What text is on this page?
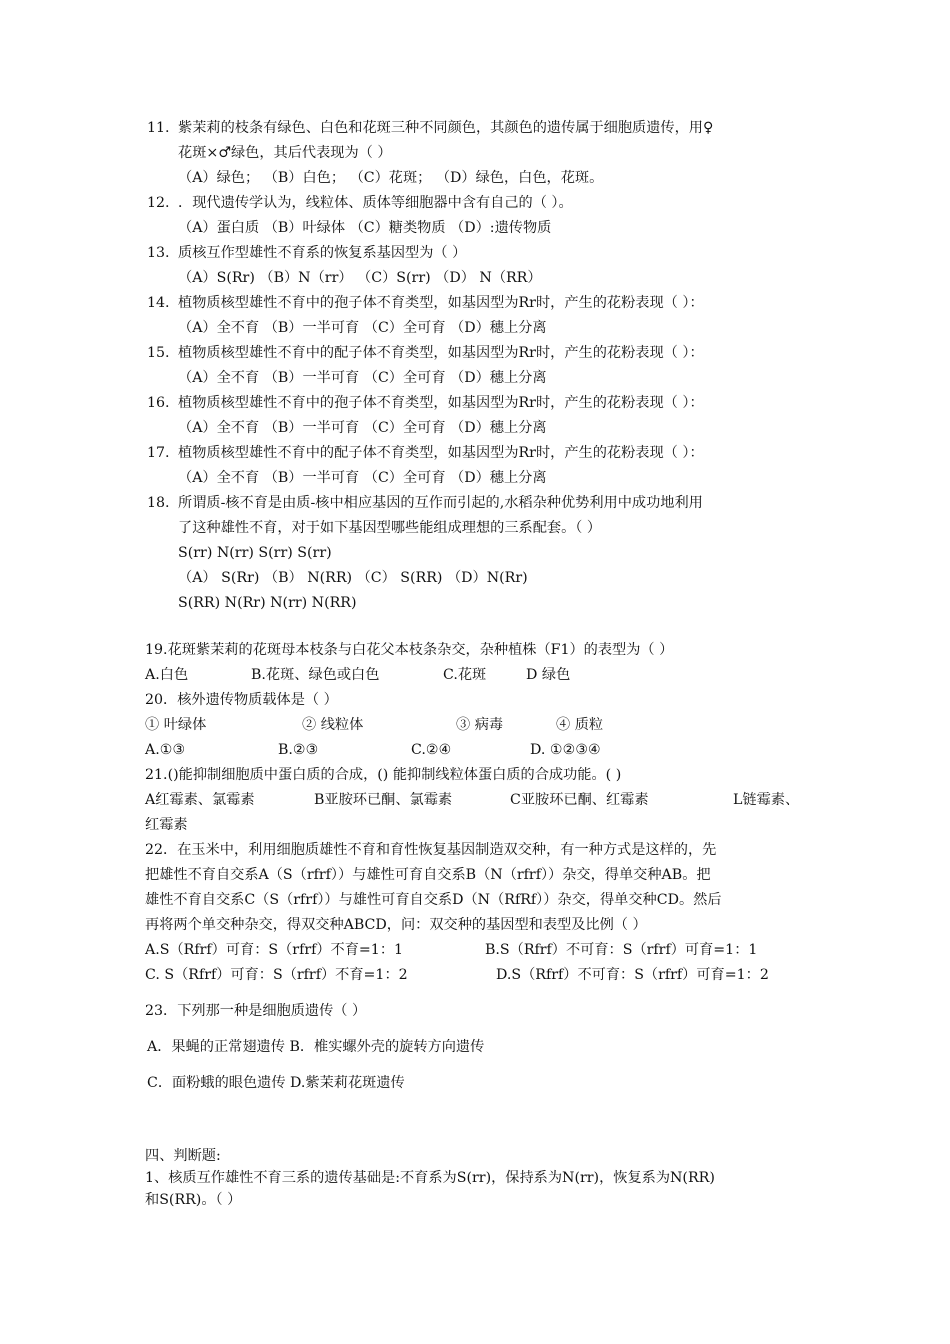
11. 紫茉莉的枝条有绿色、白色和花斑三种不同颜色，其颜色的遗传属于细胞质遗传，用♀
花斑×♂绿色，其后代表现为（ ）
（A）绿色； （B）白色； （C）花斑； （D）绿色，白色，花斑。
12. ．现代遗传学认为，线粒体、质体等细胞器中含有自己的（ ）。
（A）蛋白质 （B）叶绿体 （C）糖类物质 （D）:遗传物质
13. 质核互作型雄性不育系的恢复系基因型为（ ）
（A）S(Rr) （B）N（rr） （C）S(rr) （D） N（RR）
14. 植物质核型雄性不育中的孢子体不育类型，如基因型为Rr时，产生的花粉表现（ ）：
（A）全不育 （B）一半可育 （C）全可育 （D）穗上分离
15. 植物质核型雄性不育中的配子体不育类型，如基因型为Rr时，产生的花粉表现（ ）：
（A）全不育 （B）一半可育 （C）全可育 （D）穗上分离
16. 植物质核型雄性不育中的孢子体不育类型，如基因型为Rr时，产生的花粉表现（ ）：
（A）全不育 （B）一半可育 （C）全可育 （D）穗上分离
17. 植物质核型雄性不育中的配子体不育类型，如基因型为Rr时，产生的花粉表现（ ）：
（A）全不育 （B）一半可育 （C）全可育 （D）穗上分离
18. 所谓质-核不育是由质-核中相应基因的互作而引起的,水稻杂种优势利用中成功地利用
了这种雄性不育，对于如下基因型哪些能组成理想的三系配套。（ ）
S(rr) N(rr) S(rr) S(rr)
（A） S(Rr) （B） N(RR) （C） S(RR) （D）N(Rr)
S(RR) N(Rr) N(rr) N(RR)
19.花斑紫茉莉的花斑母本枝条与白花父本枝条杂交，杂种植株（F1）的表型为（ ）
A.白色	B.花斑、绿色或白色	C.花斑	D 绿色
20．核外遗传物质载体是（ ）
① 叶绿体	② 线粒体	③ 病毒	④ 质粒
A.①③	B.②③	C.②④	D. ①②③④
21.()能抑制细胞质中蛋白质的合成，() 能抑制线粒体蛋白质的合成功能。( )
A红霉素、氯霉素	B亚胺环已酮、氯霉素	C亚胺环已酮、红霉素	L链霉素、
红霉素
22．在玉米中，利用细胞质雄性不育和育性恢复基因制造双交种，有一种方式是这样的，先
把雄性不育自交系A（S（rfrf））与雄性可育自交系B（N（rfrf））杂交，得单交种AB。把
雄性不育自交系C（S（rfrf））与雄性可育自交系D（N（RfRf））杂交，得单交种CD。然后
再将两个单交种杂交，得双交种ABCD，问：双交种的基因型和表型及比例（ ）
A.S（Rfrf）可育：S（rfrf）不育=1：1	B.S（Rfrf）不可育：S（rfrf）可育=1：1
C. S（Rfrf）可育：S（rfrf）不育=1：2	D.S（Rfrf）不可育：S（rfrf）可育=1：2
23．下列那一种是细胞质遗传（ ）
A．果蝇的正常翅遗传 B．椎实螺外壳的旋转方向遗传
C．面粉蛾的眼色遗传 D.紫茉莉花斑遗传
四、判断题:
1、核质互作雄性不育三系的遗传基础是:不育系为S(rr)，保持系为N(rr)，恢复系为N(RR)
和S(RR)。（ ）
